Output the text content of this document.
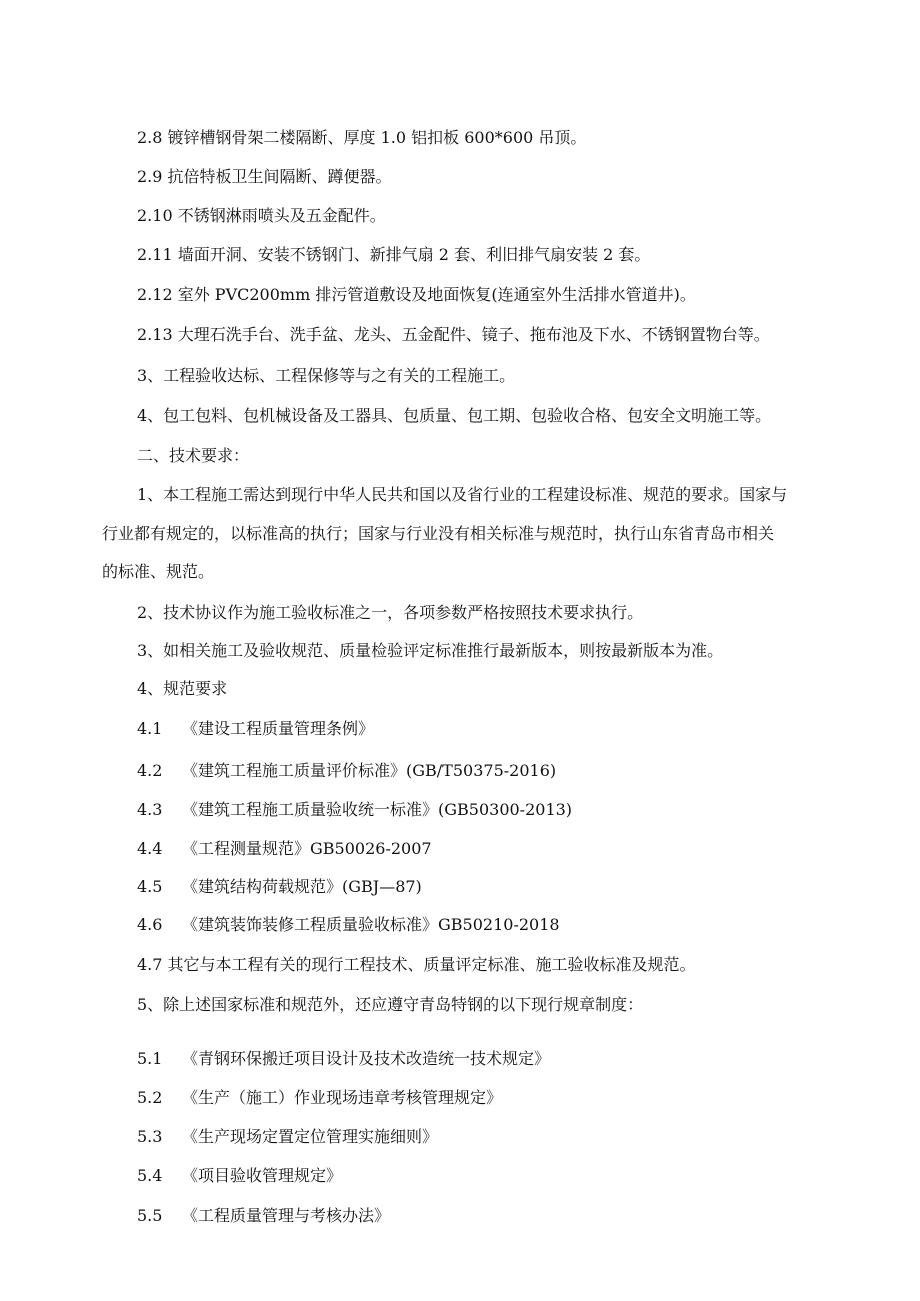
2.8 镀锌槽钢骨架二楼隔断、厚度 1.0 铝扣板 600*600 吊顶。
2.9 抗倍特板卫生间隔断、蹲便器。
2.10 不锈钢淋雨喷头及五金配件。
2.11 墙面开洞、安装不锈钢门、新排气扇 2 套、利旧排气扇安装 2 套。
2.12 室外 PVC200mm 排污管道敷设及地面恢复(连通室外生活排水管道井)。
2.13 大理石洗手台、洗手盆、龙头、五金配件、镜子、拖布池及下水、不锈钢置物台等。
3、工程验收达标、工程保修等与之有关的工程施工。
4、包工包料、包机械设备及工器具、包质量、包工期、包验收合格、包安全文明施工等。
二、技术要求：
1、本工程施工需达到现行中华人民共和国以及省行业的工程建设标准、规范的要求。国家与
行业都有规定的，以标准高的执行；国家与行业没有相关标准与规范时，执行山东省青岛市相关
的标准、规范。
2、技术协议作为施工验收标准之一，各项参数严格按照技术要求执行。
3、如相关施工及验收规范、质量检验评定标准推行最新版本，则按最新版本为准。
4、规范要求
4.1 《建设工程质量管理条例》
4.2 《建筑工程施工质量评价标准》(GB/T50375-2016)
4.3 《建筑工程施工质量验收统一标准》(GB50300-2013)
4.4 《工程测量规范》GB50026-2007
4.5 《建筑结构荷载规范》(GBJ—87)
4.6 《建筑装饰装修工程质量验收标准》GB50210-2018
4.7 其它与本工程有关的现行工程技术、质量评定标准、施工验收标准及规范。
5、除上述国家标准和规范外，还应遵守青岛特钢的以下现行规章制度：
5.1 《青钢环保搬迁项目设计及技术改造统一技术规定》
5.2 《生产（施工）作业现场违章考核管理规定》
5.3 《生产现场定置定位管理实施细则》
5.4 《项目验收管理规定》
5.5 《工程质量管理与考核办法》
